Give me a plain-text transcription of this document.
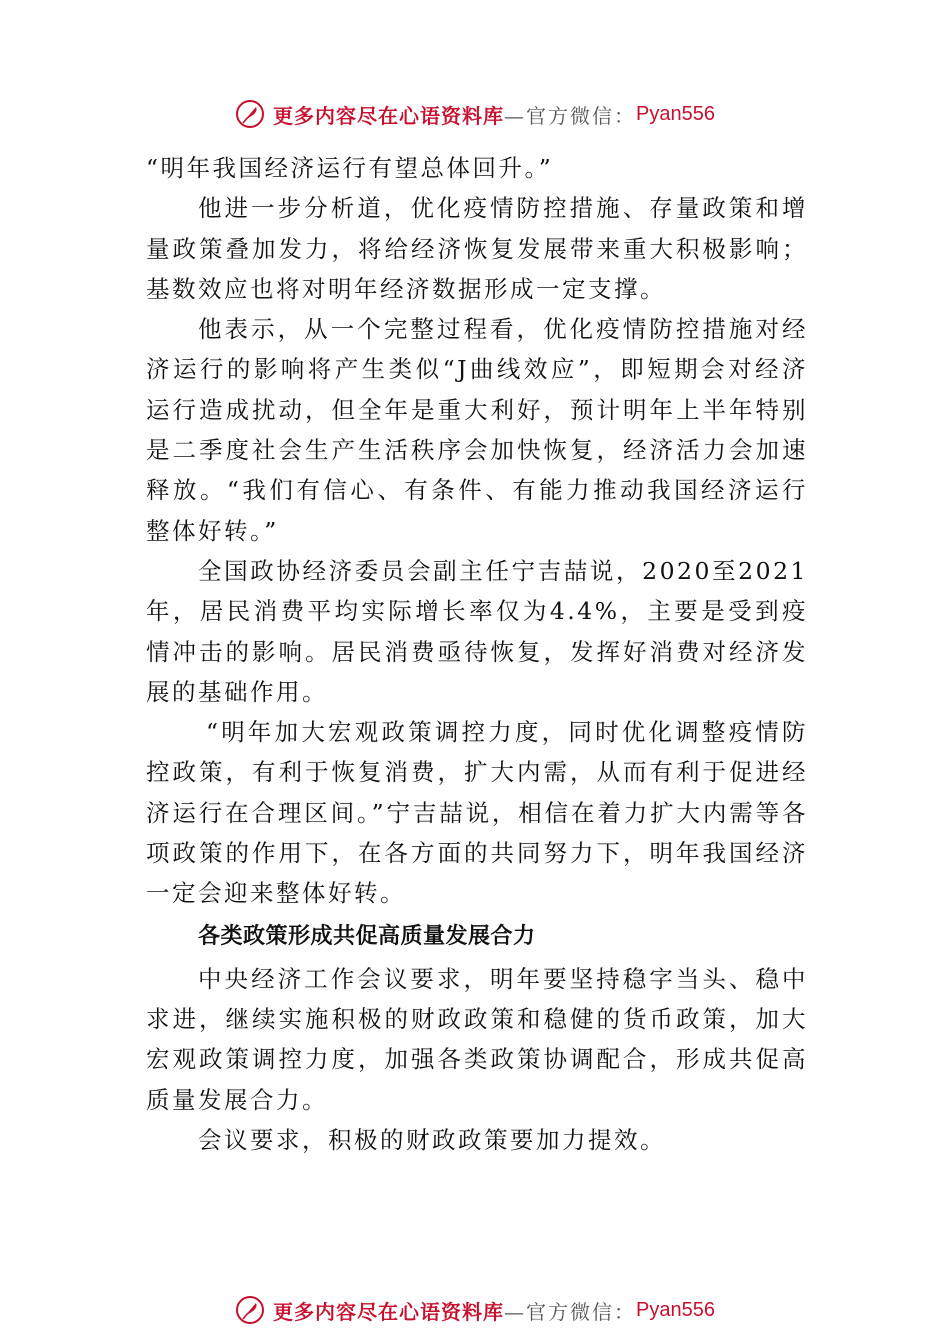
更多内容尽在心语资料库 —官方微信： Pyan556

“明年我国经济运行有望总体回升。”

他进一步分析道，优化疫情防控措施、存量政策和增量政策叠加发力，将给经济恢复发展带来重大积极影响；基数效应也将对明年经济数据形成一定支撑。

他表示，从一个完整过程看，优化疫情防控措施对经济运行的影响将产生类似“J曲线效应”，即短期会对经济运行造成扰动，但全年是重大利好，预计明年上半年特别是二季度社会生产生活秩序会加快恢复，经济活力会加速释放。“我们有信心、有条件、有能力推动我国经济运行整体好转。”

全国政协经济委员会副主任宁吉喆说，2020至2021年，居民消费平均实际增长率仅为4.4%，主要是受到疫情冲击的影响。居民消费亟待恢复，发挥好消费对经济发展的基础作用。

“明年加大宏观政策调控力度，同时优化调整疫情防控政策，有利于恢复消费，扩大内需，从而有利于促进经济运行在合理区间。”宁吉喆说，相信在着力扩大内需等各项政策的作用下，在各方面的共同努力下，明年我国经济一定会迎来整体好转。

各类政策形成共促高质量发展合力

中央经济工作会议要求，明年要坚持稳字当头、稳中求进，继续实施积极的财政政策和稳健的货币政策，加大宏观政策调控力度，加强各类政策协调配合，形成共促高质量发展合力。

会议要求，积极的财政政策要加力提效。

更多内容尽在心语资料库 —官方微信： Pyan556
